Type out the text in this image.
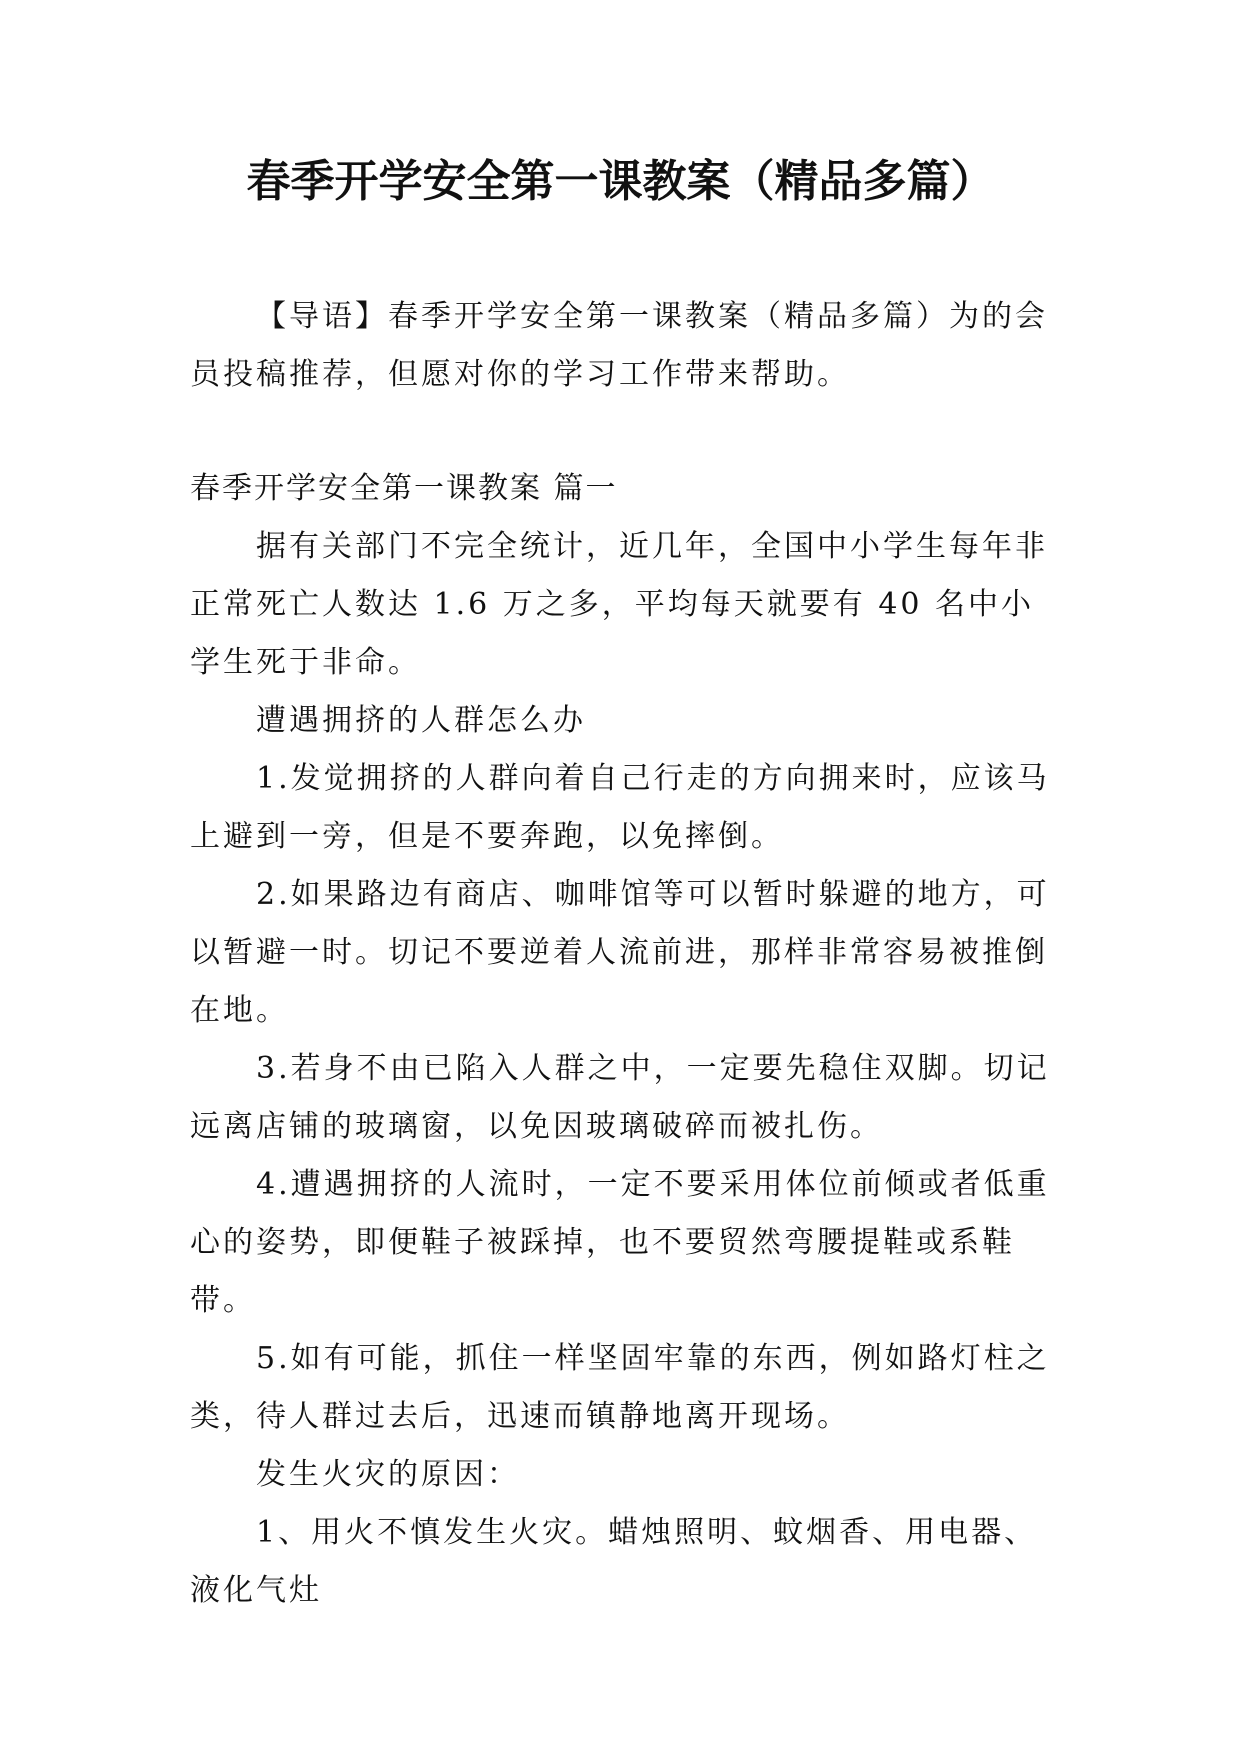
春季开学安全第一课教案（精品多篇）

【导语】春季开学安全第一课教案（精品多篇）为的会员投稿推荐，但愿对你的学习工作带来帮助。

春季开学安全第一课教案 篇一

据有关部门不完全统计，近几年，全国中小学生每年非正常死亡人数达 1.6 万之多，平均每天就要有 40 名中小学生死于非命。

遭遇拥挤的人群怎么办

1.发觉拥挤的人群向着自己行走的方向拥来时，应该马上避到一旁，但是不要奔跑，以免摔倒。

2.如果路边有商店、咖啡馆等可以暂时躲避的地方，可以暂避一时。切记不要逆着人流前进，那样非常容易被推倒在地。

3.若身不由已陷入人群之中，一定要先稳住双脚。切记远离店铺的玻璃窗，以免因玻璃破碎而被扎伤。

4.遭遇拥挤的人流时，一定不要采用体位前倾或者低重心的姿势，即便鞋子被踩掉，也不要贸然弯腰提鞋或系鞋带。

5.如有可能，抓住一样坚固牢靠的东西，例如路灯柱之类，待人群过去后，迅速而镇静地离开现场。

发生火灾的原因：

1、用火不慎发生火灾。蜡烛照明、蚊烟香、用电器、液化气灶
